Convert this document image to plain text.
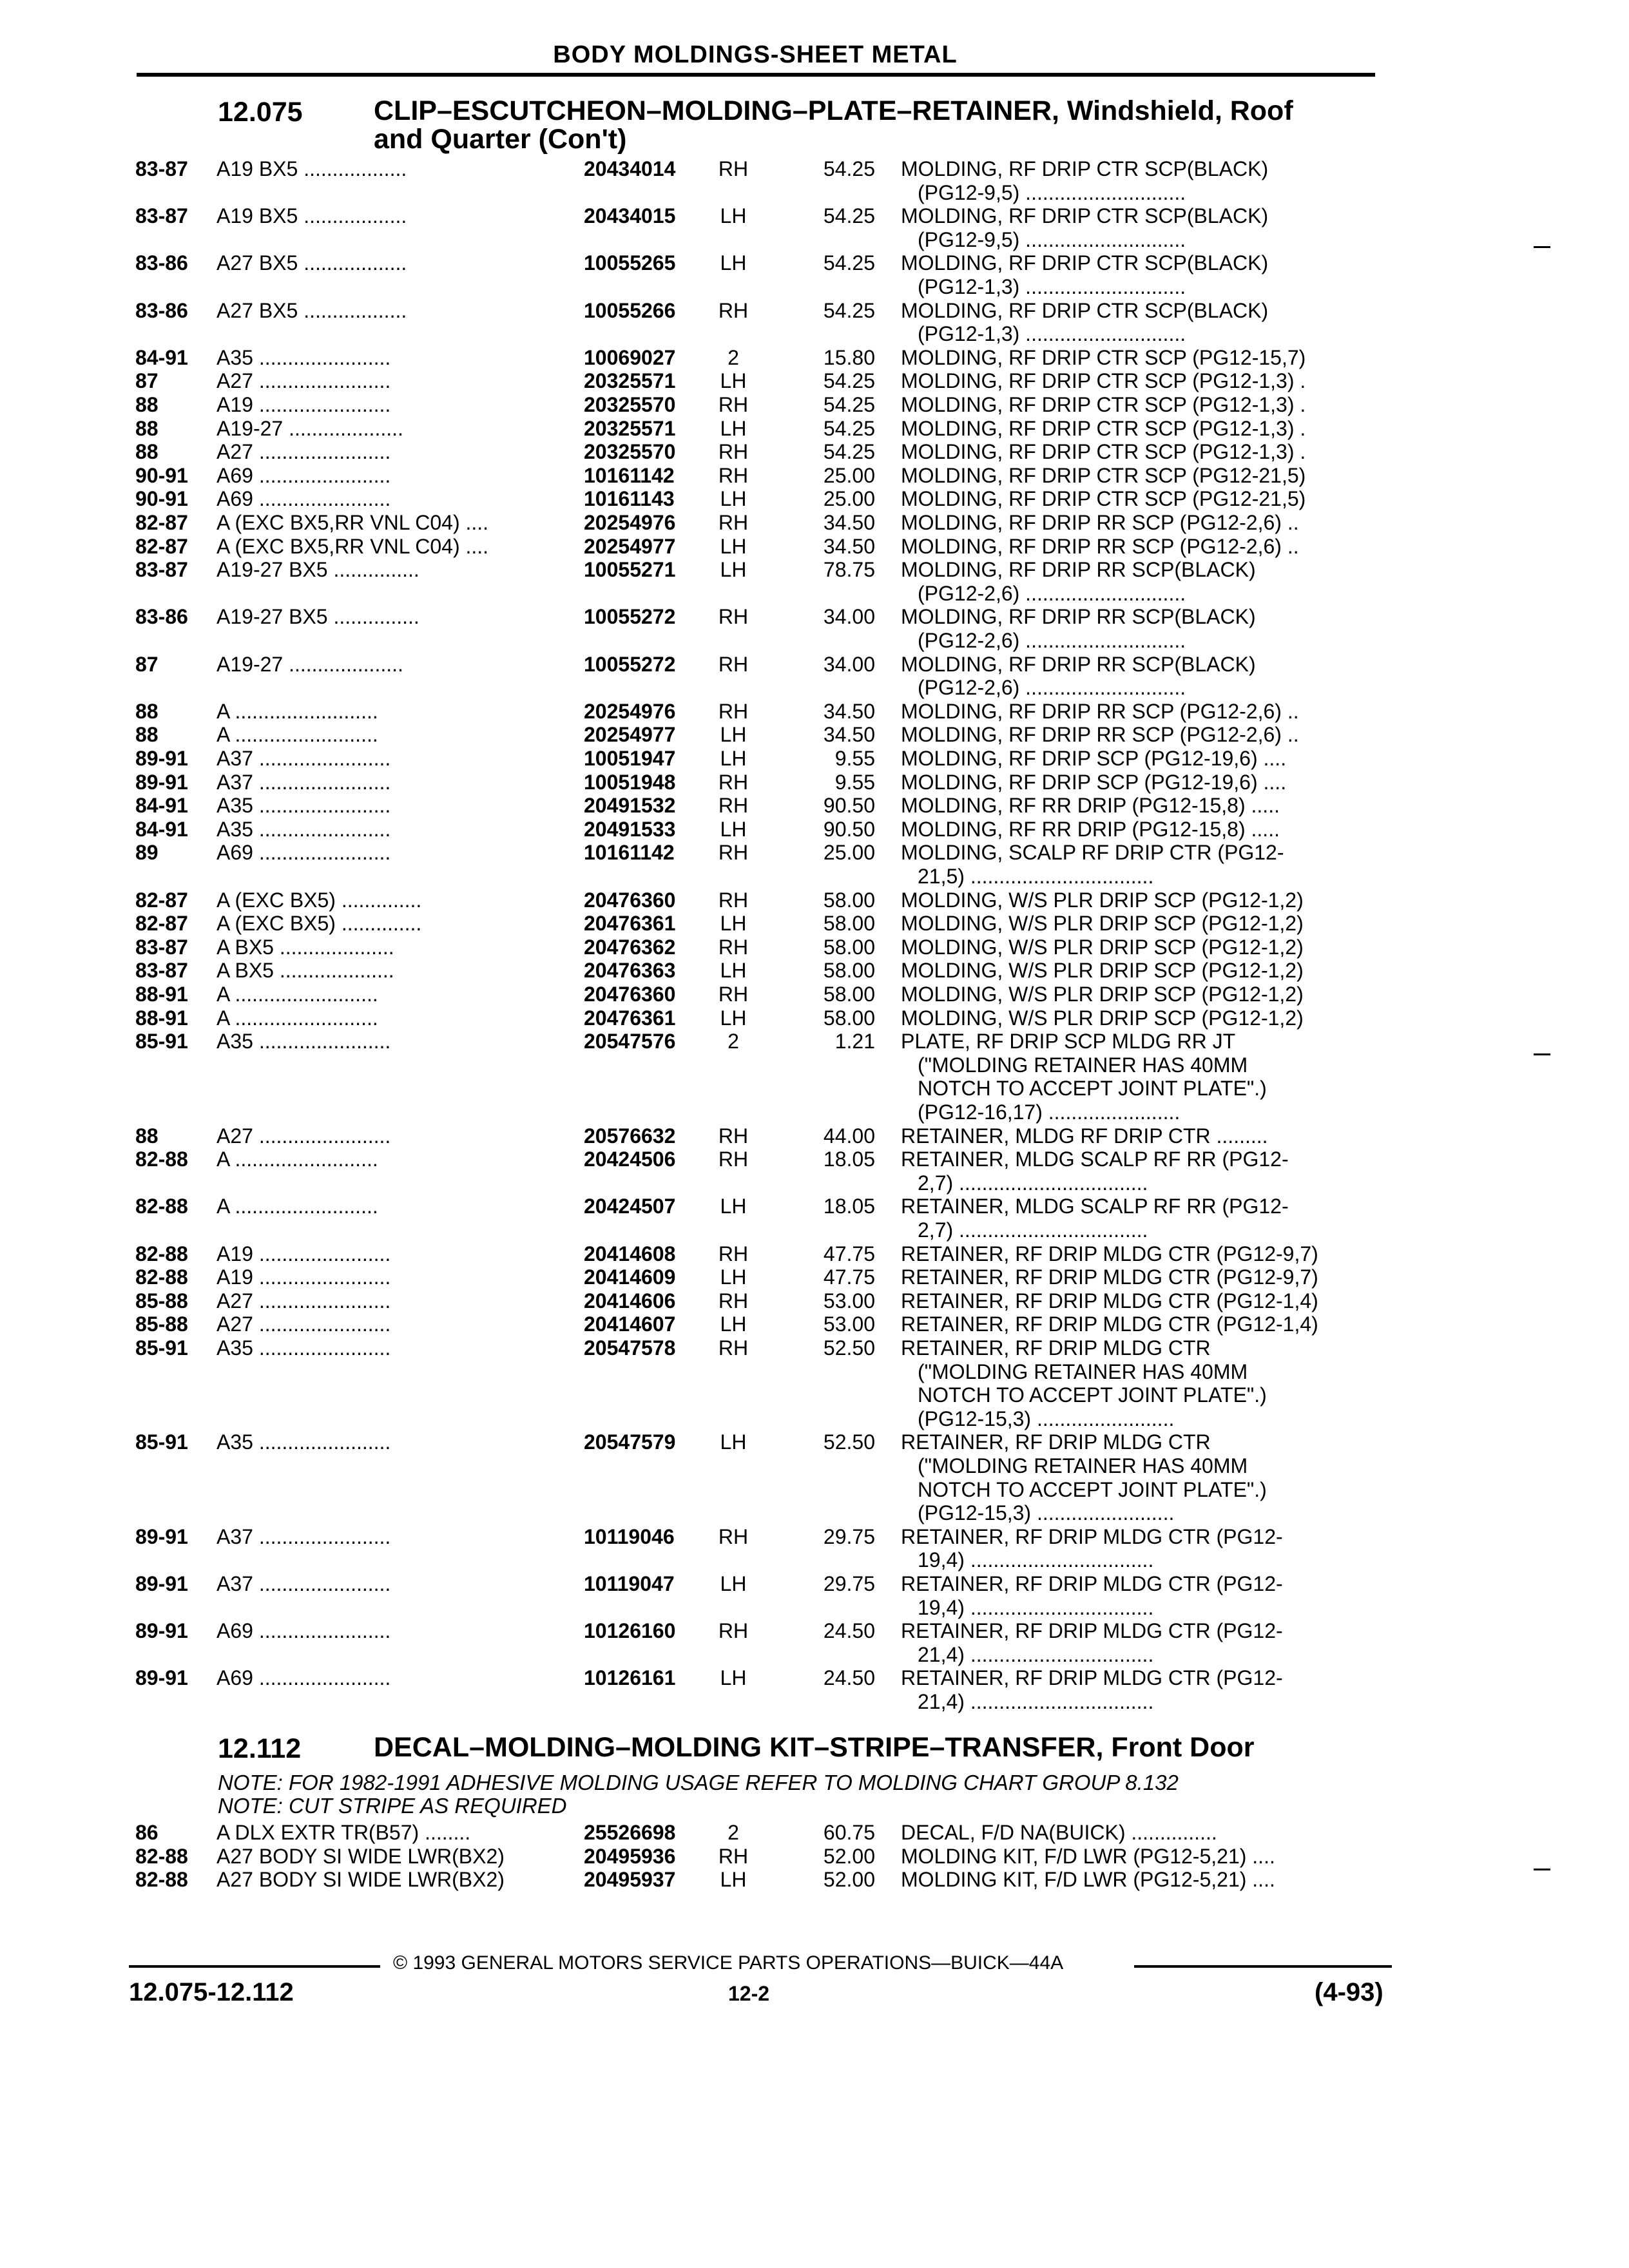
BODY MOLDINGS-SHEET METAL
12.075	CLIP–ESCUTCHEON–MOLDING–PLATE–RETAINER, Windshield, Roof
and Quarter (Con't)
83-87 A19 BX5 ..................	20434014 RH	54.25 MOLDING, RF DRIP CTR SCP(BLACK)
(PG12-9,5) ............................
83-87 A19 BX5 ..................	20434015 LH	54.25 MOLDING, RF DRIP CTR SCP(BLACK)
(PG12-9,5) ............................
83-86 A27 BX5 ..................	10055265 LH	54.25 MOLDING, RF DRIP CTR SCP(BLACK)
(PG12-1,3) ............................
83-86 A27 BX5 ..................	10055266 RH	54.25 MOLDING, RF DRIP CTR SCP(BLACK)
(PG12-1,3) ............................
84-91 A35 .......................	10069027	2	15.80 MOLDING, RF DRIP CTR SCP (PG12-15,7)
87	A27 .......................	20325571 LH	54.25 MOLDING, RF DRIP CTR SCP (PG12-1,3) .
88	A19 .......................	20325570 RH	54.25 MOLDING, RF DRIP CTR SCP (PG12-1,3) .
88	A19-27 ....................	20325571 LH	54.25 MOLDING, RF DRIP CTR SCP (PG12-1,3) .
88	A27 .......................	20325570 RH	54.25 MOLDING, RF DRIP CTR SCP (PG12-1,3) .
90-91 A69 .......................	10161142 RH	25.00 MOLDING, RF DRIP CTR SCP (PG12-21,5)
90-91 A69 .......................	10161143 LH	25.00 MOLDING, RF DRIP CTR SCP (PG12-21,5)
82-87 A (EXC BX5,RR VNL C04) ....	20254976 RH	34.50 MOLDING, RF DRIP RR SCP (PG12-2,6) ..
82-87 A (EXC BX5,RR VNL C04) ....	20254977 LH	34.50 MOLDING, RF DRIP RR SCP (PG12-2,6) ..
83-87 A19-27 BX5 ...............	10055271 LH	78.75 MOLDING, RF DRIP RR SCP(BLACK)
(PG12-2,6) ............................
83-86 A19-27 BX5 ...............	10055272 RH	34.00 MOLDING, RF DRIP RR SCP(BLACK)
(PG12-2,6) ............................
87	A19-27 ....................	10055272 RH	34.00 MOLDING, RF DRIP RR SCP(BLACK)
(PG12-2,6) ............................
88	A .........................	20254976 RH	34.50 MOLDING, RF DRIP RR SCP (PG12-2,6) ..
88	A .........................	20254977 LH	34.50 MOLDING, RF DRIP RR SCP (PG12-2,6) ..
89-91 A37 .......................	10051947 LH	9.55 MOLDING, RF DRIP SCP (PG12-19,6) ....
89-91 A37 .......................	10051948 RH	9.55 MOLDING, RF DRIP SCP (PG12-19,6) ....
84-91 A35 .......................	20491532 RH	90.50 MOLDING, RF RR DRIP (PG12-15,8) .....
84-91 A35 .......................	20491533 LH	90.50 MOLDING, RF RR DRIP (PG12-15,8) .....
89	A69 .......................	10161142 RH	25.00 MOLDING, SCALP RF DRIP CTR (PG12-
21,5) ................................
82-87 A (EXC BX5) ..............	20476360 RH	58.00 MOLDING, W/S PLR DRIP SCP (PG12-1,2)
82-87 A (EXC BX5) ..............	20476361 LH	58.00 MOLDING, W/S PLR DRIP SCP (PG12-1,2)
83-87 A BX5 ....................	20476362 RH	58.00 MOLDING, W/S PLR DRIP SCP (PG12-1,2)
83-87 A BX5 ....................	20476363 LH	58.00 MOLDING, W/S PLR DRIP SCP (PG12-1,2)
88-91 A .........................	20476360 RH	58.00 MOLDING, W/S PLR DRIP SCP (PG12-1,2)
88-91 A .........................	20476361 LH	58.00 MOLDING, W/S PLR DRIP SCP (PG12-1,2)
85-91 A35 .......................	20547576	2	1.21 PLATE, RF DRIP SCP MLDG RR JT
("MOLDING RETAINER HAS 40MM
NOTCH TO ACCEPT JOINT PLATE".)
(PG12-16,17) .......................
88	A27 .......................	20576632 RH	44.00 RETAINER, MLDG RF DRIP CTR .........
82-88 A .........................	20424506 RH	18.05 RETAINER, MLDG SCALP RF RR (PG12-
2,7) .................................
82-88 A .........................	20424507 LH	18.05 RETAINER, MLDG SCALP RF RR (PG12-
2,7) .................................
82-88 A19 .......................	20414608 RH	47.75 RETAINER, RF DRIP MLDG CTR (PG12-9,7)
82-88 A19 .......................	20414609 LH	47.75 RETAINER, RF DRIP MLDG CTR (PG12-9,7)
85-88 A27 .......................	20414606 RH	53.00 RETAINER, RF DRIP MLDG CTR (PG12-1,4)
85-88 A27 .......................	20414607 LH	53.00 RETAINER, RF DRIP MLDG CTR (PG12-1,4)
85-91 A35 .......................	20547578 RH	52.50 RETAINER, RF DRIP MLDG CTR
("MOLDING RETAINER HAS 40MM
NOTCH TO ACCEPT JOINT PLATE".)
(PG12-15,3) ........................
85-91 A35 .......................	20547579 LH	52.50 RETAINER, RF DRIP MLDG CTR
("MOLDING RETAINER HAS 40MM
NOTCH TO ACCEPT JOINT PLATE".)
(PG12-15,3) ........................
89-91 A37 .......................	10119046 RH	29.75 RETAINER, RF DRIP MLDG CTR (PG12-
19,4) ................................
89-91 A37 .......................	10119047 LH	29.75 RETAINER, RF DRIP MLDG CTR (PG12-
19,4) ................................
89-91 A69 .......................	10126160 RH	24.50 RETAINER, RF DRIP MLDG CTR (PG12-
21,4) ................................
89-91 A69 .......................	10126161 LH	24.50 RETAINER, RF DRIP MLDG CTR (PG12-
21,4) ................................
12.112	DECAL–MOLDING–MOLDING KIT–STRIPE–TRANSFER, Front Door
NOTE: FOR 1982-1991 ADHESIVE MOLDING USAGE REFER TO MOLDING CHART GROUP 8.132
NOTE: CUT STRIPE AS REQUIRED
86	A DLX EXTR TR(B57) ........	25526698	2	60.75 DECAL, F/D NA(BUICK) ...............
82-88 A27 BODY SI WIDE LWR(BX2)	20495936 RH	52.00 MOLDING KIT, F/D LWR (PG12-5,21) ....
82-88 A27 BODY SI WIDE LWR(BX2)	20495937 LH	52.00 MOLDING KIT, F/D LWR (PG12-5,21) ....
© 1993 GENERAL MOTORS SERVICE PARTS OPERATIONS—BUICK—44A
12.075-12.112	12-2	(4-93)
